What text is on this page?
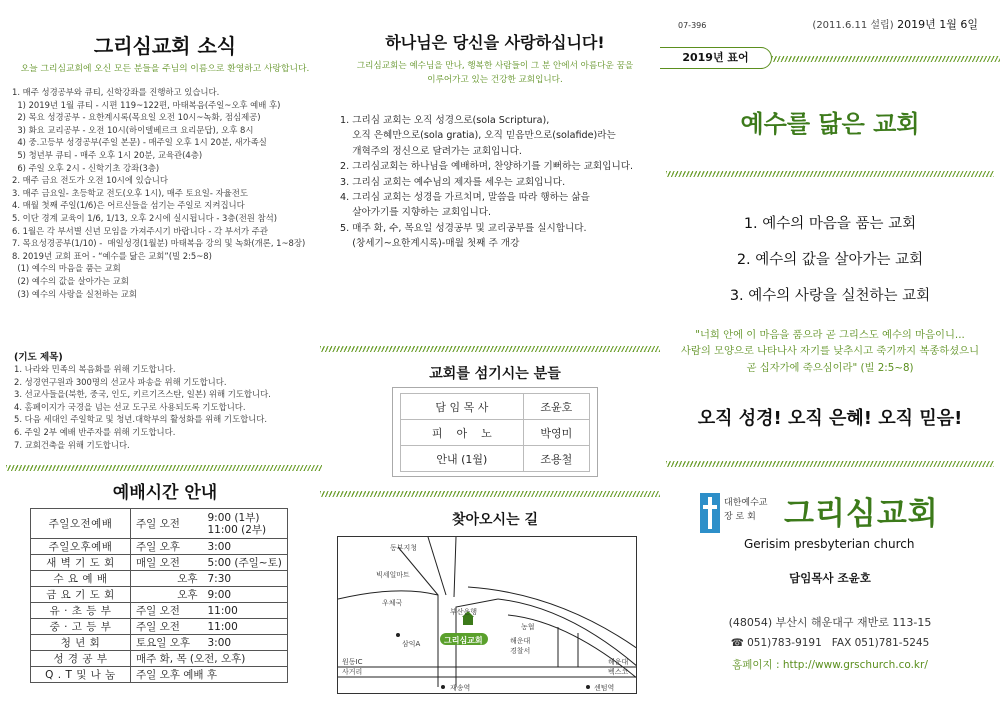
그리심교회 소식
오늘 그리심교회에 오신 모든 분들을 주님의 이름으로 환영하고 사랑합니다.
1. 매주 성경공부와 큐티, 신학강좌를 진행하고 있습니다.
1) 2019년 1월 큐티 - 시편 119~122편, 마태복음(주일~오후 예배 후)
2) 목요 성경공부 - 요한계시록(목요일 오전 10시~녹화, 점심제공)
3) 화요 교리공부 - 오전 10시(하이델베르크 요리문답), 오후 8시
4) 중.고등부 성경공부(주일 본문) - 매주일 오후 1시 20분, 새가족실
5) 청년부 큐티 - 매주 오후 1시 20분, 교육관(4층)
6) 주일 오후 2시 - 신학기초 강좌(3층)
2. 매주 금요 전도가 오전 10시에 있습니다
3. 매주 금요일- 초등학교 전도(오후 1시), 매주 토요일- 자율전도
4. 매월 첫째 주일(1/6)은 어르신들을 섬기는 주일로 지켜집니다
5. 이단 경계 교육이 1/6, 1/13, 오후 2시에 실시됩니다 - 3층(전원 참석)
6. 1월은 각 부서별 신년 모임을 가져주시기 바랍니다 - 각 부서가 주관
7. 목요성경공부(1/10) -  매일성경(1월분) 마태복음 강의 및 녹화(개론, 1~8장)
8. 2019년 교회 표어 - “예수를 닮은 교회”(빌 2:5~8)
(1) 예수의 마음을 품는 교회
(2) 예수의 값을 살아가는 교회
(3) 예수의 사랑을 실천하는 교회
(기도 제목)
1. 나라와 민족의 복음화를 위해 기도합니다.
2. 성경연구원과 300명의 선교사 파송을 위해 기도합니다.
3. 선교사들을(북한, 중국, 인도, 키르기즈스탄, 일본) 위해 기도합니다.
4. 홈페이지가 국경을 넘는 선교 도구로 사용되도록 기도합니다.
5. 다음 세대인 주일학교 및 청년.대학부의 활성화를 위해 기도합니다.
6. 주일 2부 예배 반주자를 위해 기도합니다.
7. 교회건축을 위해 기도합니다.
예배시간 안내
주일오전예배	주일 오전	9:00 (1부)
11:00 (2부)
주일오후예배	주일 오후	3:00
새 벽 기 도 회	매일 오전	5:00 (주일~토)
수 요 예 배	오후	7:30
금 요 기 도 회	오후	9:00
유 · 초 등 부	주일 오전	11:00
중 · 고 등 부	주일 오전	11:00
청 년 회	토요일 오후	3:00
성 경 공 부	매주 화, 목 (오전, 오후)	
Q . T 및 나 눔	주일 오후 예배 후	
하나님은 당신을 사랑하십니다!
그리심교회는 예수님을 만나, 행복한 사람들이 그 분 안에서 아름다운 꿈을
이루어가고 있는 건강한 교회입니다.
1. 그리심 교회는 오직 성경으로(sola Scriptura),
오직 은혜만으로(sola gratia), 오직 믿음만으로(solafide)라는
개혁주의 정신으로 달려가는 교회입니다.
2. 그리심교회는 하나님을 예배하며, 찬양하기를 기뻐하는 교회입니다.
3. 그리심 교회는 예수님의 제자를 세우는 교회입니다.
4. 그리심 교회는 성경을 가르치며, 말씀을 따라 행하는 삶을
살아가기를 지향하는 교회입니다.
5. 매주 화, 수, 목요일 성경공부 및 교리공부를 실시합니다.
(창세기~요한계시록)-매월 첫째 주 개강
교회를 섬기시는 분들
담 임 목 사	조윤호
피    아    노	박영미
안내 (1월)	조용철
찾아오시는 길
동부지청
빅세일마트
우체국
부산은행
농협
해운대
경찰서
삼익A	그리심교회
원동IC
사거리
재송역	센텀역
해운대
벡스코
07-396	(2011.6.11 설립) 2019년 1월 6일
2019년 표어
예수를 닮은 교회
1. 예수의 마음을 품는 교회
2. 예수의 값을 살아가는 교회
3. 예수의 사랑을 실천하는 교회
"너희 안에 이 마음을 품으라 곧 그리스도 예수의 마음이니...
사람의 모양으로 나타나사 자기를 낮추시고 죽기까지 복종하셨으니
곧 십자가에 죽으심이라" (빌 2:5~8)
오직 성경! 오직 은혜! 오직 믿음!
대한예수교
장 로 회 그리심교회
Gerisim presbyterian church
담임목사 조윤호
(48054) 부산시 해운대구 재반로 113-15
☎ 051)783-9191   FAX 051)781-5245
홈페이지 : http://www.grschurch.co.kr/
